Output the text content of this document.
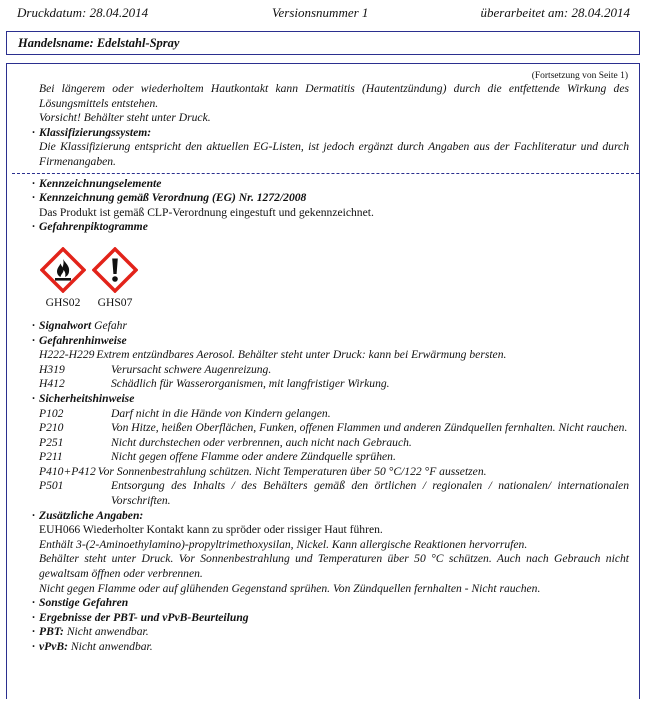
Druckdatum: 28.04.2014	Versionsnummer 1	überarbeitet am: 28.04.2014
Handelsname: Edelstahl-Spray
(Fortsetzung von Seite 1)

Bei längerem oder wiederholtem Hautkontakt kann Dermatitis (Hautentzündung) durch die entfettende Wirkung des Lösungsmittels entstehen.

Vorsicht! Behälter steht unter Druck.

· Klassifizierungssystem:

Die Klassifizierung entspricht den aktuellen EG-Listen, ist jedoch ergänzt durch Angaben aus der Fachliteratur und durch Firmenangaben.

· Kennzeichnungselemente

· Kennzeichnung gemäß Verordnung (EG) Nr. 1272/2008

Das Produkt ist gemäß CLP-Verordnung eingestuft und gekennzeichnet.

· Gefahrenpiktogramme

GHS02	GHS07

· Signalwort Gefahr

· Gefahrenhinweise

H222-H229 Extrem entzündbares Aerosol. Behälter steht unter Druck: kann bei Erwärmung bersten.
H319	Verursacht schwere Augenreizung.
H412	Schädlich für Wasserorganismen, mit langfristiger Wirkung.

· Sicherheitshinweise

P102	Darf nicht in die Hände von Kindern gelangen.
P210	Von Hitze, heißen Oberflächen, Funken, offenen Flammen und anderen Zündquellen fernhalten. Nicht rauchen.
P251	Nicht durchstechen oder verbrennen, auch nicht nach Gebrauch.
P211	Nicht gegen offene Flamme oder andere Zündquelle sprühen.
P410+P412 Vor Sonnenbestrahlung schützen. Nicht Temperaturen über 50 °C/122 °F aussetzen.
P501	Entsorgung des Inhalts / des Behälters gemäß den örtlichen / regionalen / nationalen/ internationalen Vorschriften.

· Zusätzliche Angaben:

EUH066 Wiederholter Kontakt kann zu spröder oder rissiger Haut führen.

Enthält 3-(2-Aminoethylamino)-propyltrimethoxysilan, Nickel. Kann allergische Reaktionen hervorrufen.

Behälter steht unter Druck. Vor Sonnenbestrahlung und Temperaturen über 50 °C schützen. Auch nach Gebrauch nicht gewaltsam öffnen oder verbrennen.

Nicht gegen Flamme oder auf glühenden Gegenstand sprühen. Von Zündquellen fernhalten - Nicht rauchen.

· Sonstige Gefahren

· Ergebnisse der PBT- und vPvB-Beurteilung

· PBT: Nicht anwendbar.

· vPvB: Nicht anwendbar.
